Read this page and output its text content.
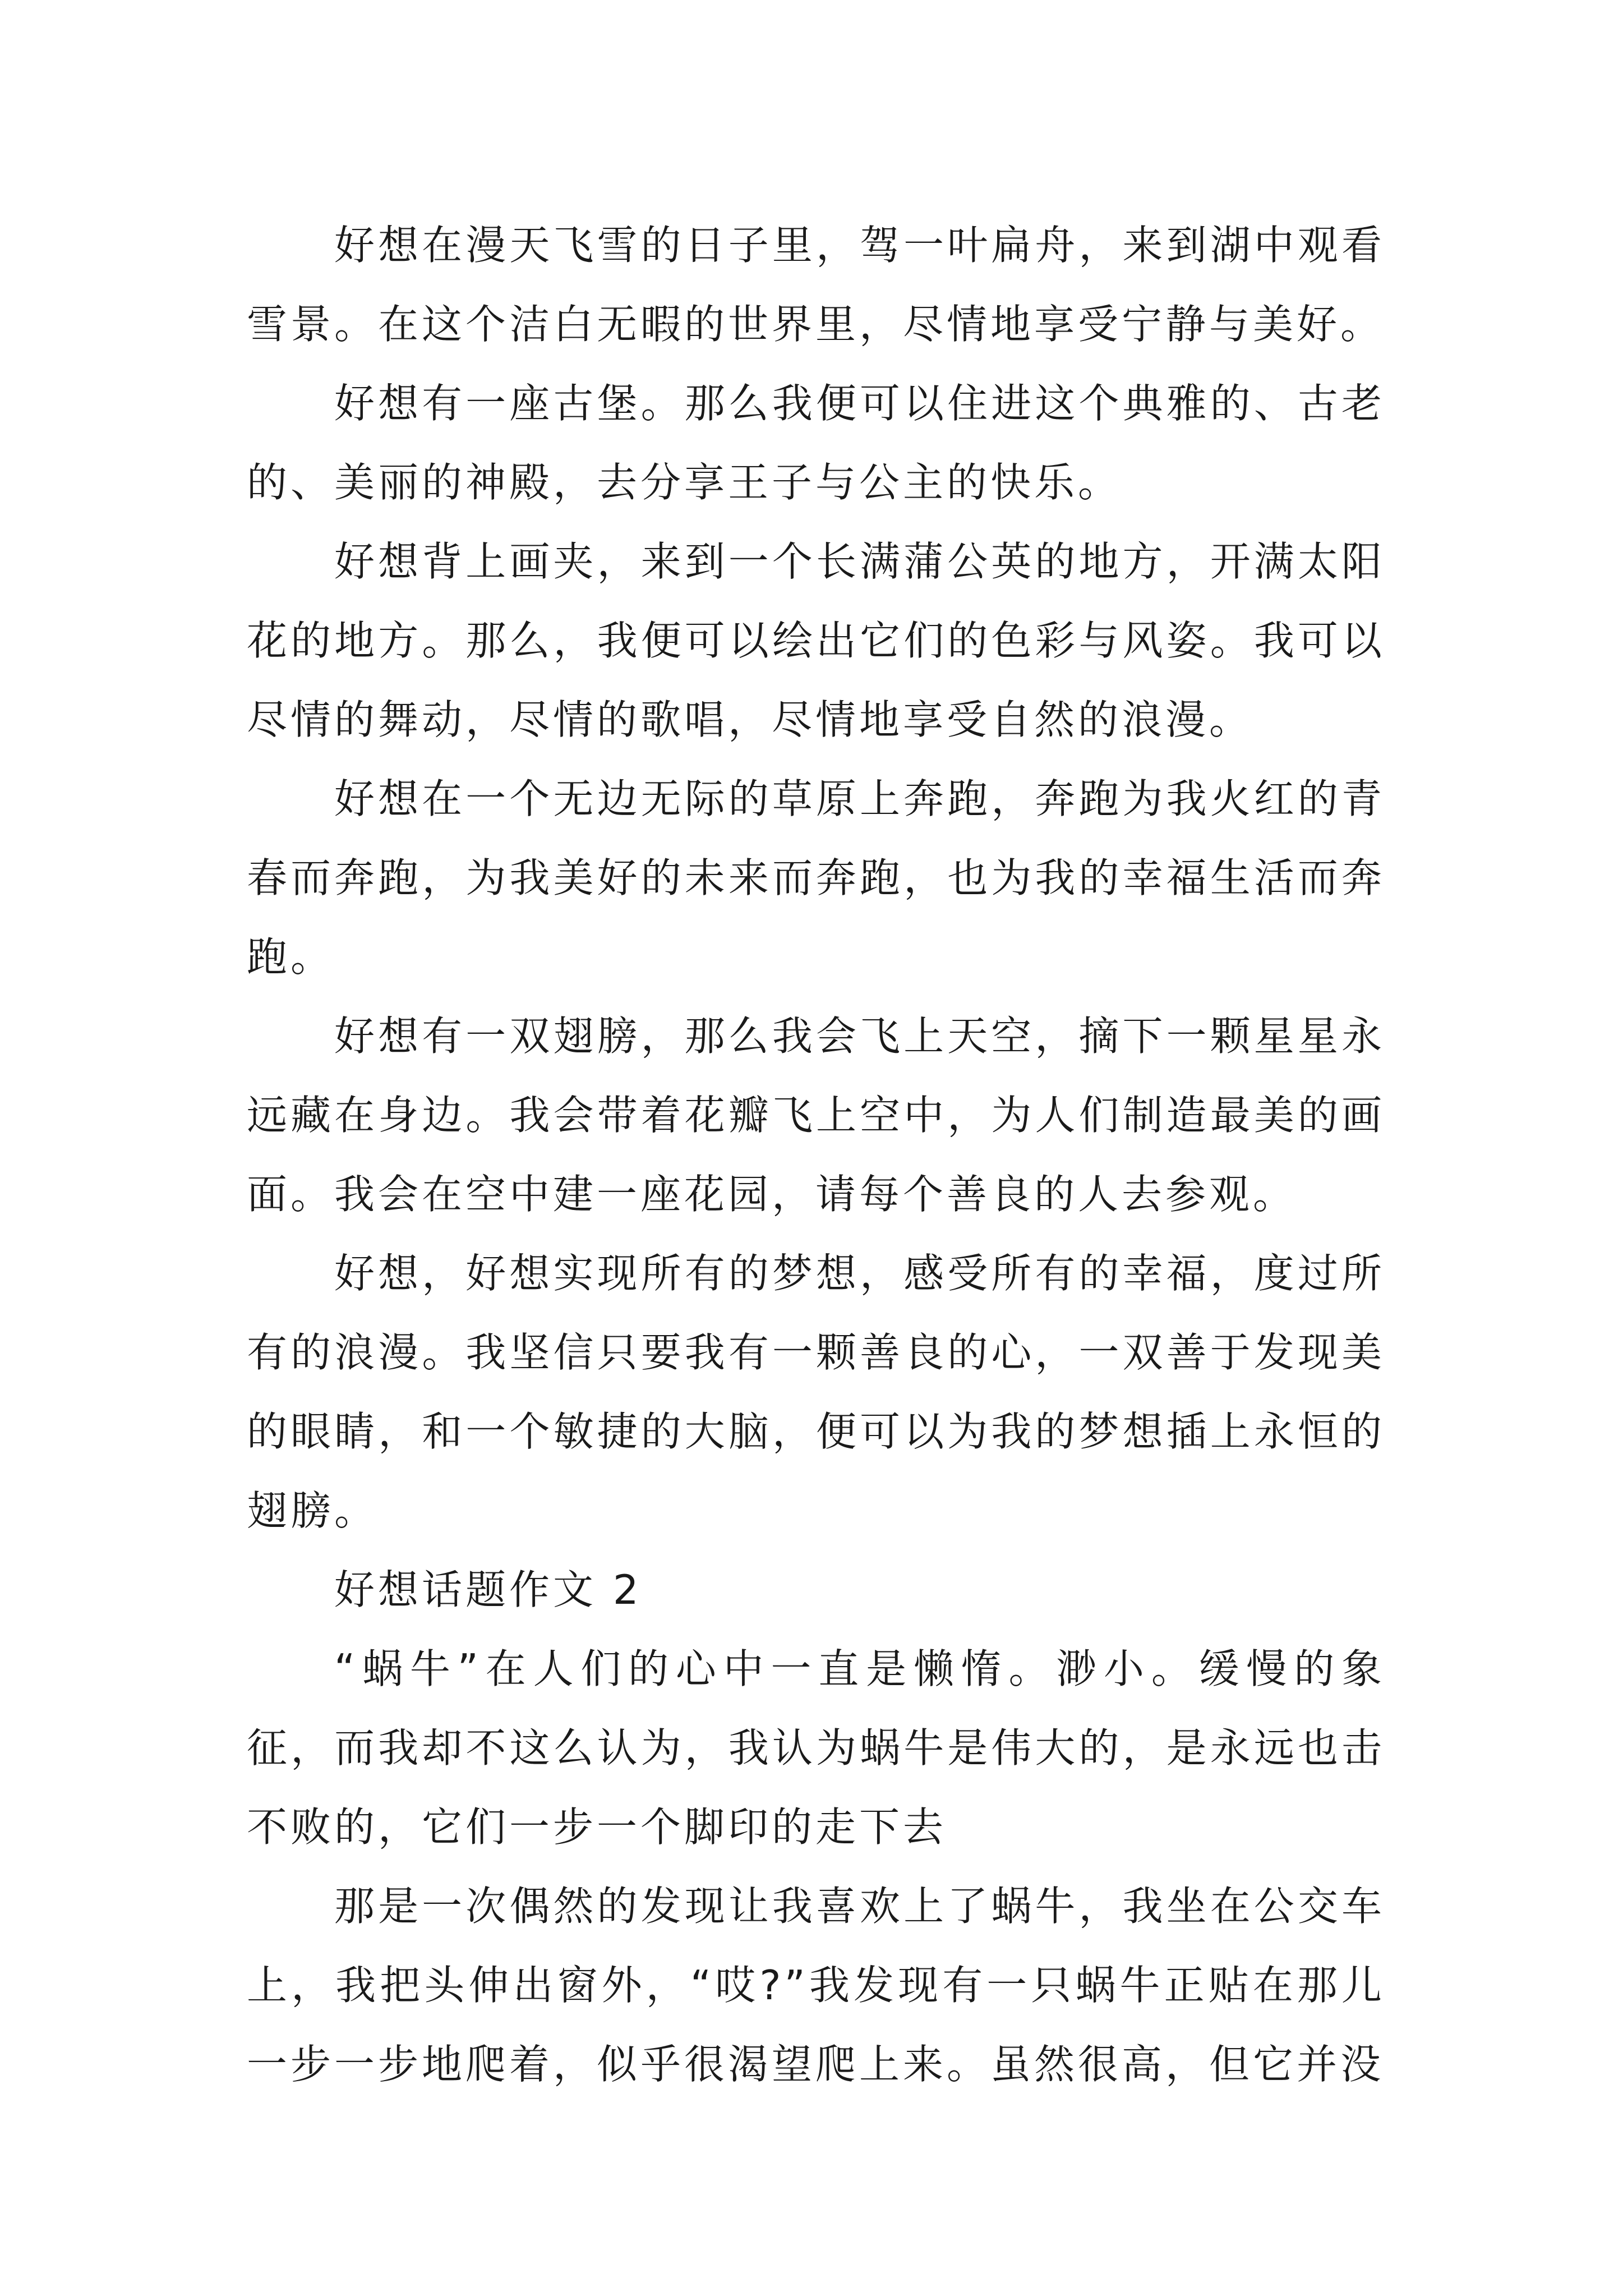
好想在漫天飞雪的日子里，驾一叶扁舟，来到湖中观看雪景。在这个洁白无暇的世界里，尽情地享受宁静与美好。

好想有一座古堡。那么我便可以住进这个典雅的、古老的、美丽的神殿，去分享王子与公主的快乐。

好想背上画夹，来到一个长满蒲公英的地方，开满太阳花的地方。那么，我便可以绘出它们的色彩与风姿。我可以尽情的舞动，尽情的歌唱，尽情地享受自然的浪漫。

好想在一个无边无际的草原上奔跑，奔跑为我火红的青春而奔跑，为我美好的未来而奔跑，也为我的幸福生活而奔跑。

好想有一双翅膀，那么我会飞上天空，摘下一颗星星永远藏在身边。我会带着花瓣飞上空中，为人们制造最美的画面。我会在空中建一座花园，请每个善良的人去参观。

好想，好想实现所有的梦想，感受所有的幸福，度过所有的浪漫。我坚信只要我有一颗善良的心，一双善于发现美的眼睛，和一个敏捷的大脑，便可以为我的梦想插上永恒的翅膀。

好想话题作文 2

“蜗牛”在人们的心中一直是懒惰。渺小。缓慢的象征，而我却不这么认为，我认为蜗牛是伟大的，是永远也击不败的，它们一步一个脚印的走下去

那是一次偶然的发现让我喜欢上了蜗牛，我坐在公交车上，我把头伸出窗外，“哎?”我发现有一只蜗牛正贴在那儿一步一步地爬着，似乎很渴望爬上来。虽然很高，但它并没
